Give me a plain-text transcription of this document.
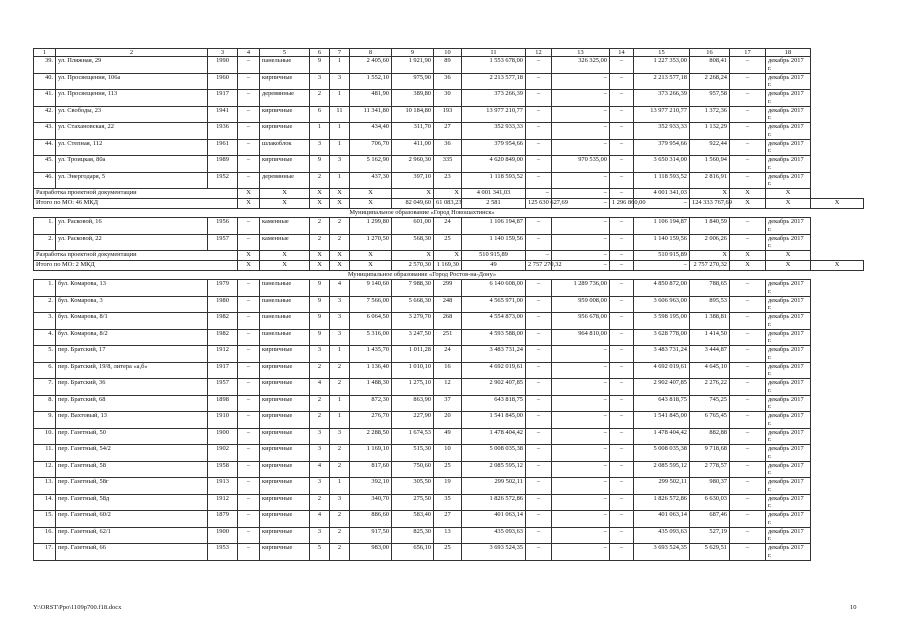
1	2	3	4	5	6	7	8	9	10	11	12	13	14	15	16	17	18	
39.	ул. Пляжная, 29	1990	–	панельные	9	1	2 405,60	1 921,90	89	1 553 678,00	–	326 325,00	–	1 227 353,00	808,41	–	декабрь 2017 г.	
40.	ул. Просвещения, 106а	1960	–	кирпичные	3	3	1 552,10	975,90	36	2 213 577,18	–	–	–	2 213 577,18	2 268,24	–	декабрь 2017 г.	
41.	ул. Просвещения, 113	1917	–	деревянные	2	1	481,90	389,80	30	373 266,39	–	–	–	373 266,39	957,58	–	декабрь 2017 г.	
42.	ул. Свободы, 23	1941	–	кирпичные	6	11	11 341,80	10 184,80	193	13 977 210,77	–	–	–	13 977 210,77	1 372,36	–	декабрь 2017 г.	
43.	ул. Стахановская, 22	1936	–	кирпичные	1	1	434,40	311,70	27	352 933,33	–	–	–	352 933,33	1 132,29	–	декабрь 2017 г.	
44.	ул. Степная, 112	1961	–	шлакоблок	3	1	706,70	411,00	36	379 954,66	–	–	–	379 954,66	922,44	–	декабрь 2017 г.	
45.	ул. Троицкая, 80а	1989	–	кирпичные	9	3	5 162,90	2 960,30	335	4 620 849,00	–	970 535,00	–	3 650 314,00	1 560,94	–	декабрь 2017 г.	
46.	ул. Энергодаря, 5	1952	–	деревянные	2	1	437,30	397,10	23	1 118 593,52	–	–	–	1 118 593,52	2 816,91	–	декабрь 2017 г.	
Разработка проектной документации			X	X	X	X	X	X	X	4 001 341,03	–	–	–	4 001 341,03	X	X	X	
Итого по МО: 46 МКД			X	X	X	X	X	82 049,60	61 083,23	2 581	125 630 627,69	–	1 296 860,00	–	124 333 767,69	X	X	X
Муниципальное образование «Город Новошахтинск»																		
1.	ул. Расковой, 16	1956	–	каменные	2	2	1 299,80	601,00	24	1 106 194,87	–	–	–	1 106 194,87	1 840,59	–	декабрь 2017 г.	
2.	ул. Расковой, 22	1957	–	каменные	2	2	1 270,50	568,30	25	1 140 159,56	–	–	–	1 140 159,56	2 006,26	–	декабрь 2017 г.	
Разработка проектной документации			X	X	X	X	X	X	X	510 915,89	–	–	–	510 915,89	X	X	X	
Итого по МО: 2 МКД			X	X	X	X	X	2 570,30	1 169,30	49	2 757 270,32	–	–	–	2 757 270,32	X	X	X
Муниципальное образование «Город Ростов-на-Дону»																		
1.	бул. Комарова, 13	1979	–	панельные	9	4	9 140,60	7 988,30	299	6 140 608,00	–	1 289 736,00	–	4 850 872,00	788,65	–	декабрь 2017 г.	
2.	бул. Комарова, 3	1980	–	панельные	9	3	7 566,00	5 668,30	248	4 565 971,00	–	959 008,00	–	3 606 963,00	895,53	–	декабрь 2017 г.	
3.	бул. Комарова, 8/1	1982	–	панельные	9	3	6 064,50	3 279,70	268	4 554 873,00	–	956 678,00	–	3 598 195,00	1 388,81	–	декабрь 2017 г.	
4.	бул. Комарова, 8/2	1982	–	панельные	9	3	5 316,00	3 247,50	251	4 593 588,00	–	964 810,00	–	3 628 778,00	1 414,50	–	декабрь 2017 г.	
5.	пер. Братский, 17	1912	–	кирпичные	3	1	1 435,70	1 011,28	24	3 483 731,24	–	–	–	3 483 731,24	3 444,87	–	декабрь 2017 г.	
6.	пер. Братский, 19/8, литера «а,б»	1917	–	кирпичные	2	2	1 136,40	1 010,10	16	4 692 019,61	–	–	–	4 692 019,61	4 645,10	–	декабрь 2017 г.	
7.	пер. Братский, 36	1957	–	кирпичные	4	2	1 488,30	1 275,10	12	2 902 407,85	–	–	–	2 902 407,85	2 276,22	–	декабрь 2017 г.	
8.	пер. Братский, 68	1898	–	кирпичные	2	1	872,30	863,90	37	643 818,75	–	–	–	643 818,75	745,25	–	декабрь 2017 г.	
9.	пер. Вахтовый, 13	1910	–	кирпичные	2	1	276,70	227,90	20	1 541 845,00	–	–	–	1 541 845,00	6 765,45	–	декабрь 2017 г.	
10.	пер. Газетный, 50	1900	–	кирпичные	3	3	2 288,50	1 674,53	49	1 478 404,42	–	–	–	1 478 404,42	882,88	–	декабрь 2017 г.	
11.	пер. Газетный, 54/2	1902	–	кирпичные	3	2	1 169,10	515,30	10	5 008 035,38	–	–	–	5 008 035,38	9 718,68	–	декабрь 2017 г.	
12.	пер. Газетный, 58	1958	–	кирпичные	4	2	817,60	750,60	25	2 085 595,12	–	–	–	2 085 595,12	2 778,57	–	декабрь 2017 г.	
13.	пер. Газетный, 58г	1913	–	кирпичные	3	1	392,10	305,50	19	299 502,11	–	–	–	299 502,11	980,37	–	декабрь 2017 г.	
14.	пер. Газетный, 58д	1912	–	кирпичные	2	3	340,70	275,50	35	1 826 572,86	–	–	–	1 826 572,86	6 630,03	–	декабрь 2017 г.	
15.	пер. Газетный, 60/2	1879	–	кирпичные	4	2	886,60	583,40	27	401 063,14	–	–	–	401 063,14	687,46	–	декабрь 2017 г.	
16.	пер. Газетный, 62/1	1900	–	кирпичные	3	2	917,50	825,30	13	435 093,63	–	–	–	435 093,63	527,19	–	декабрь 2017 г.	
17.	пер. Газетный, 66	1953	–	кирпичные	5	2	983,00	656,10	25	3 693 524,35	–	–	–	3 693 524,35	5 629,51	–	декабрь 2017 г.	
Y:\ORST\Ppo\1109p700.f18.docx	10
